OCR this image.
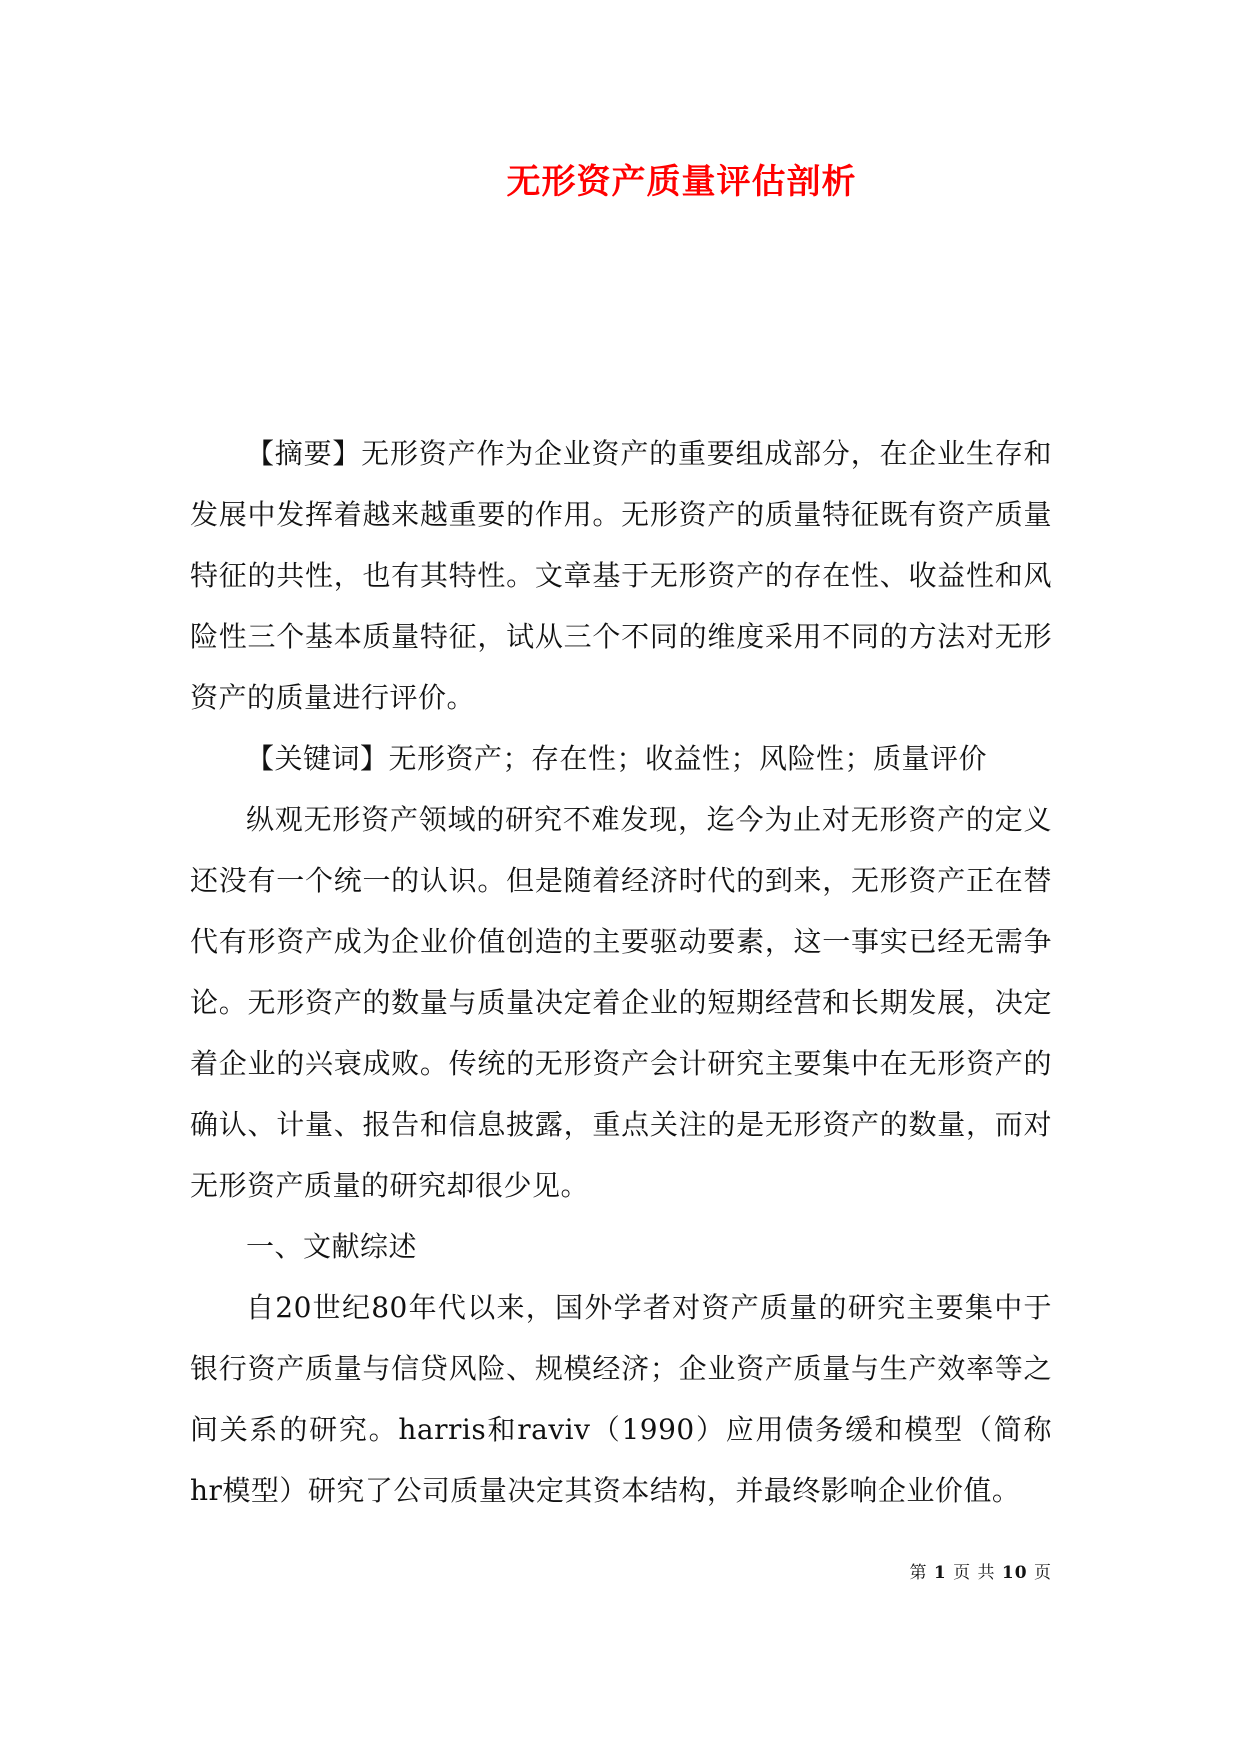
无形资产质量评估剖析

【摘要】无形资产作为企业资产的重要组成部分，在企业生存和发展中发挥着越来越重要的作用。无形资产的质量特征既有资产质量特征的共性，也有其特性。文章基于无形资产的存在性、收益性和风险性三个基本质量特征，试从三个不同的维度采用不同的方法对无形资产的质量进行评价。

【关键词】无形资产；存在性；收益性；风险性；质量评价

纵观无形资产领域的研究不难发现，迄今为止对无形资产的定义还没有一个统一的认识。但是随着经济时代的到来，无形资产正在替代有形资产成为企业价值创造的主要驱动要素，这一事实已经无需争论。无形资产的数量与质量决定着企业的短期经营和长期发展，决定着企业的兴衰成败。传统的无形资产会计研究主要集中在无形资产的确认、计量、报告和信息披露，重点关注的是无形资产的数量，而对无形资产质量的研究却很少见。

一、文献综述

自20世纪80年代以来，国外学者对资产质量的研究主要集中于银行资产质量与信贷风险、规模经济；企业资产质量与生产效率等之间关系的研究。harris和raviv（1990）应用债务缓和模型（简称hr模型）研究了公司质量决定其资本结构，并最终影响企业价值。

第 1 页 共 10 页
